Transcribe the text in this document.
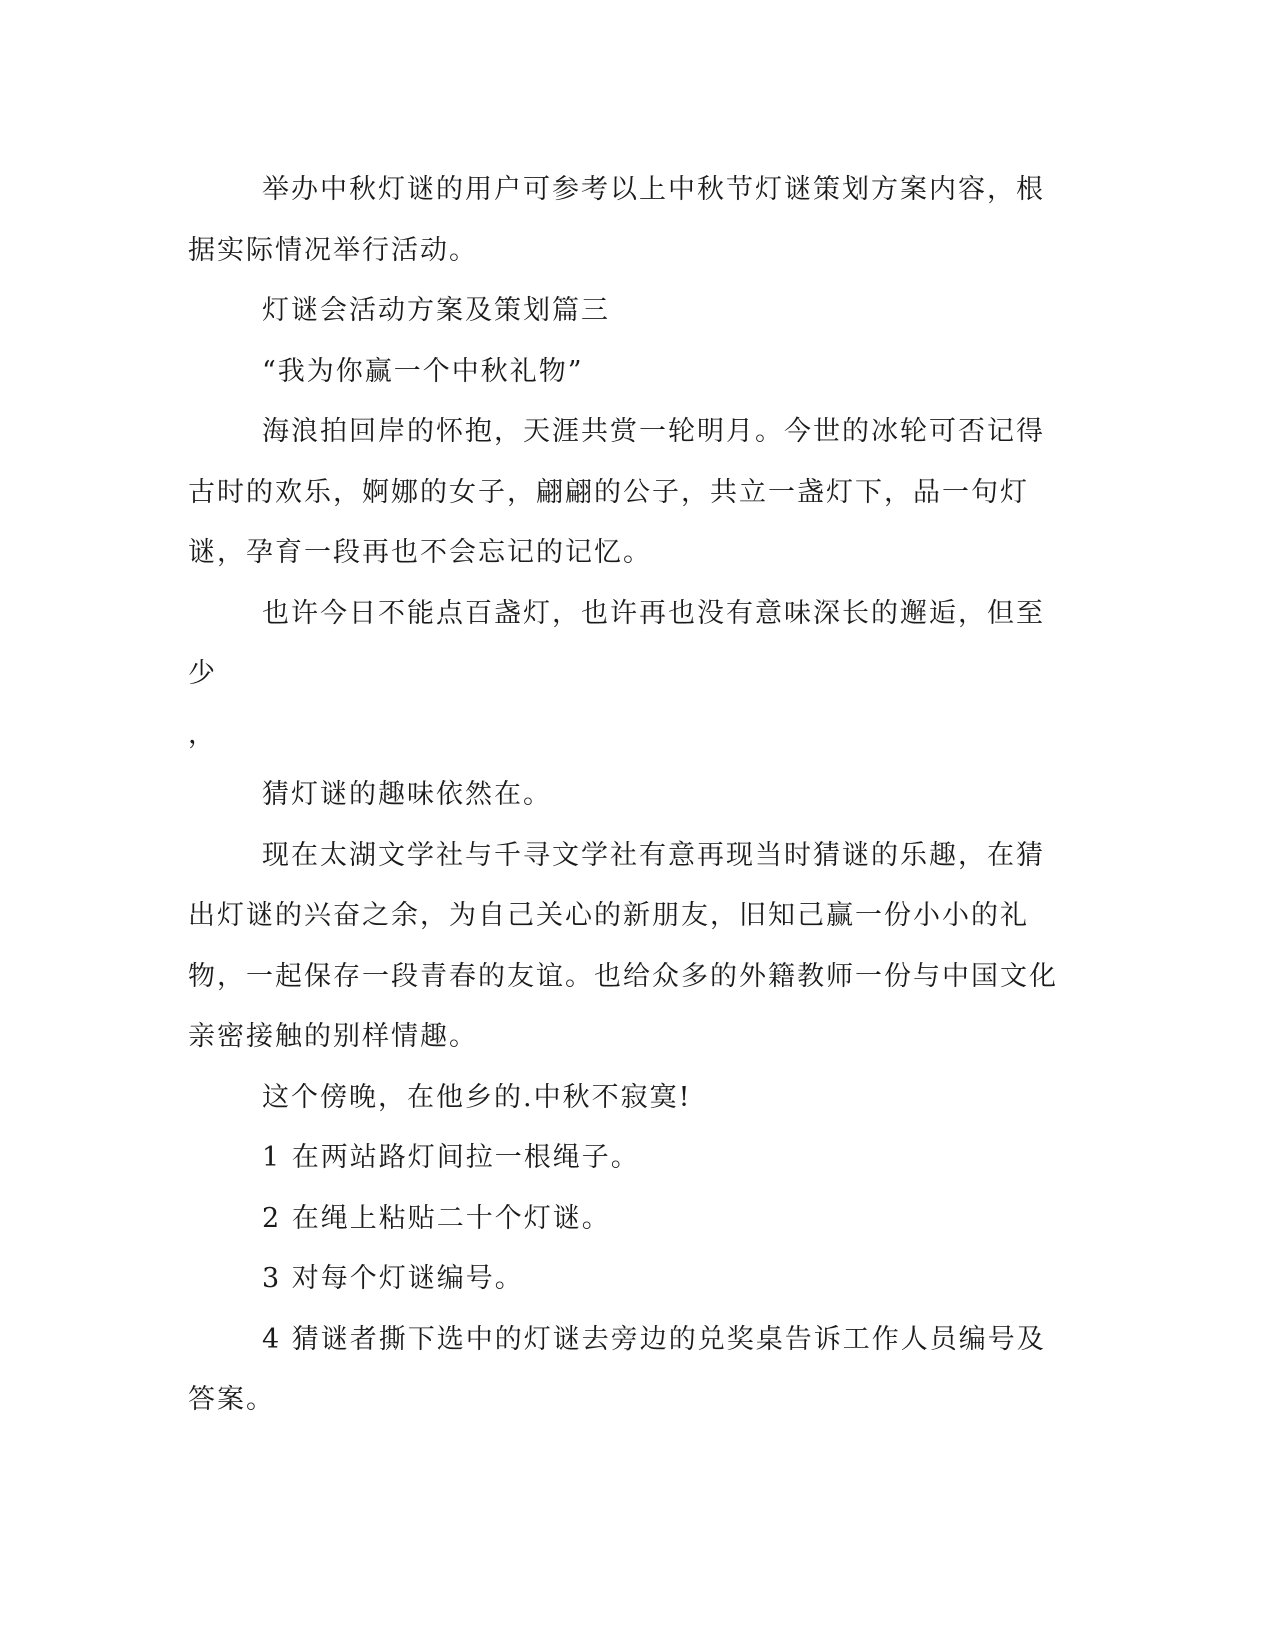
举办中秋灯谜的用户可参考以上中秋节灯谜策划方案内容，根据实际情况举行活动。

灯谜会活动方案及策划篇三

“我为你赢一个中秋礼物”

海浪拍回岸的怀抱，天涯共赏一轮明月。今世的冰轮可否记得古时的欢乐，婀娜的女子，翩翩的公子，共立一盏灯下，品一句灯谜，孕育一段再也不会忘记的记忆。

也许今日不能点百盏灯，也许再也没有意味深长的邂逅，但至少

，

猜灯谜的趣味依然在。

现在太湖文学社与千寻文学社有意再现当时猜谜的乐趣，在猜出灯谜的兴奋之余，为自己关心的新朋友，旧知己赢一份小小的礼物，一起保存一段青春的友谊。也给众多的外籍教师一份与中国文化亲密接触的别样情趣。

这个傍晚，在他乡的.中秋不寂寞!

1 在两站路灯间拉一根绳子。

2 在绳上粘贴二十个灯谜。

3 对每个灯谜编号。

4 猜谜者撕下选中的灯谜去旁边的兑奖桌告诉工作人员编号及答案。
